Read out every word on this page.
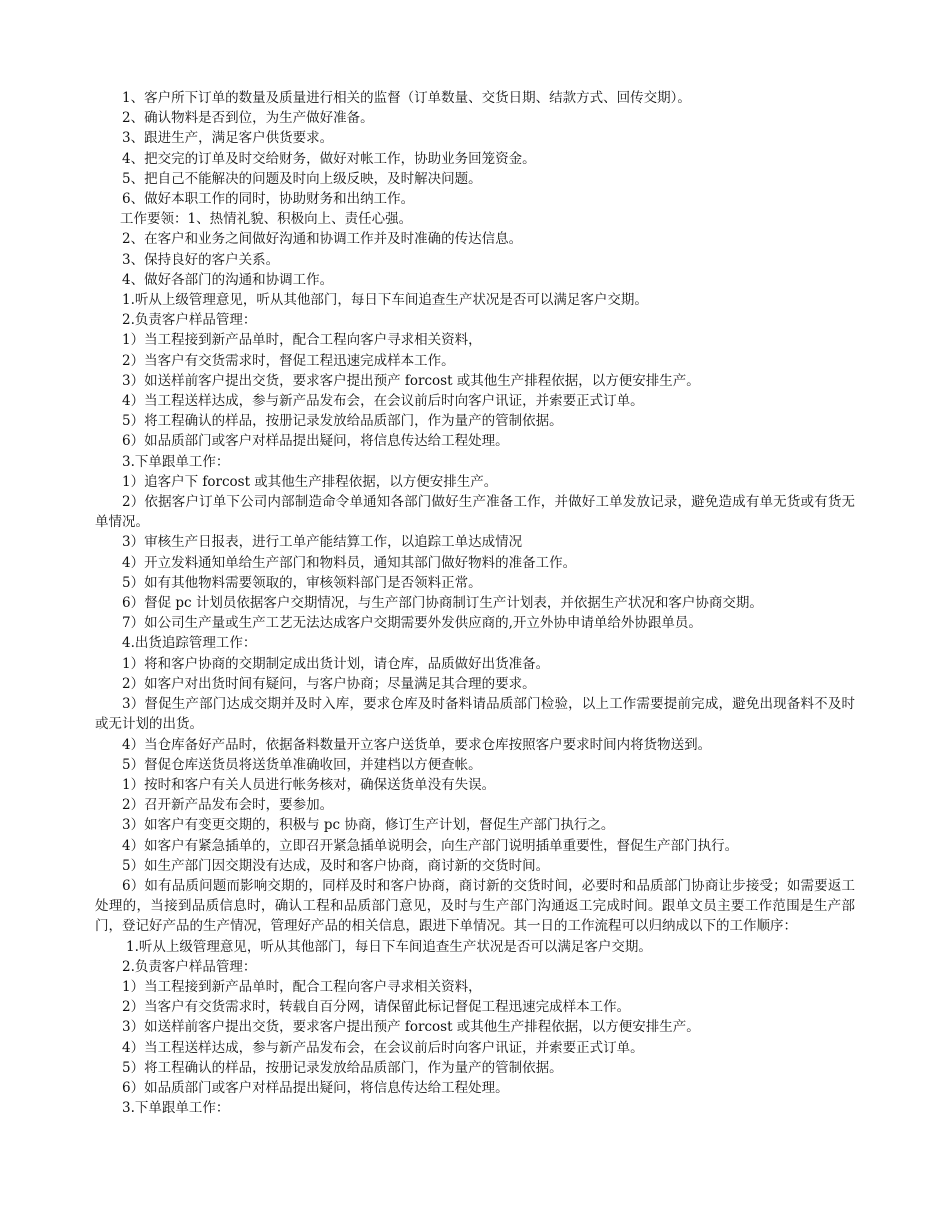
1、客户所下订单的数量及质量进行相关的监督（订单数量、交货日期、结款方式、回传交期）。

2、确认物料是否到位，为生产做好准备。

3、跟进生产，满足客户供货要求。

4、把交完的订单及时交给财务，做好对帐工作，协助业务回笼资金。

5、把自己不能解决的问题及时向上级反映，及时解决问题。

6、做好本职工作的同时，协助财务和出纳工作。

工作要领：1、热情礼貌、积极向上、责任心强。

2、在客户和业务之间做好沟通和协调工作并及时准确的传达信息。

3、保持良好的客户关系。

4、做好各部门的沟通和协调工作。

1.听从上级管理意见，听从其他部门，每日下车间追查生产状况是否可以满足客户交期。

2.负责客户样品管理：

1）当工程接到新产品单时，配合工程向客户寻求相关资料，

2）当客户有交货需求时，督促工程迅速完成样本工作。

3）如送样前客户提出交货，要求客户提出预产 forcost 或其他生产排程依据，以方便安排生产。

4）当工程送样达成，参与新产品发布会，在会议前后时向客户讯证，并索要正式订单。

5）将工程确认的样品，按册记录发放给品质部门，作为量产的管制依据。

6）如品质部门或客户对样品提出疑问，将信息传达给工程处理。

3.下单跟单工作：

1）追客户下 forcost 或其他生产排程依据，以方便安排生产。

2）依据客户订单下公司内部制造命令单通知各部门做好生产准备工作，并做好工单发放记录，避免造成有单无货或有货无单情况。

3）审核生产日报表，进行工单产能结算工作，以追踪工单达成情况

4）开立发料通知单给生产部门和物料员，通知其部门做好物料的准备工作。

5）如有其他物料需要领取的，审核领料部门是否领料正常。

6）督促 pc 计划员依据客户交期情况，与生产部门协商制订生产计划表，并依据生产状况和客户协商交期。

7）如公司生产量或生产工艺无法达成客户交期需要外发供应商的,开立外协申请单给外协跟单员。

4.出货追踪管理工作：

1）将和客户协商的交期制定成出货计划，请仓库，品质做好出货准备。

2）如客户对出货时间有疑问，与客户协商；尽量满足其合理的要求。

3）督促生产部门达成交期并及时入库，要求仓库及时备料请品质部门检验，以上工作需要提前完成，避免出现备料不及时或无计划的出货。

4）当仓库备好产品时，依据备料数量开立客户送货单，要求仓库按照客户要求时间内将货物送到。

5）督促仓库送货员将送货单准确收回，并建档以方便查帐。

1）按时和客户有关人员进行帐务核对，确保送货单没有失误。

2）召开新产品发布会时，要参加。

3）如客户有变更交期的，积极与 pc 协商，修订生产计划，督促生产部门执行之。

4）如客户有紧急插单的，立即召开紧急插单说明会，向生产部门说明插单重要性，督促生产部门执行。

5）如生产部门因交期没有达成，及时和客户协商，商讨新的交货时间。

6）如有品质问题而影响交期的，同样及时和客户协商，商讨新的交货时间，必要时和品质部门协商让步接受；如需要返工处理的，当接到品质信息时，确认工程和品质部门意见，及时与生产部门沟通返工完成时间。跟单文员主要工作范围是生产部门，登记好产品的生产情况，管理好产品的相关信息，跟进下单情况。其一日的工作流程可以归纳成以下的工作顺序：

1.听从上级管理意见，听从其他部门，每日下车间追查生产状况是否可以满足客户交期。

2.负责客户样品管理：

1）当工程接到新产品单时，配合工程向客户寻求相关资料，

2）当客户有交货需求时，转载自百分网，请保留此标记督促工程迅速完成样本工作。

3）如送样前客户提出交货，要求客户提出预产 forcost 或其他生产排程依据，以方便安排生产。

4）当工程送样达成，参与新产品发布会，在会议前后时向客户讯证，并索要正式订单。

5）将工程确认的样品，按册记录发放给品质部门，作为量产的管制依据。

6）如品质部门或客户对样品提出疑问，将信息传达给工程处理。

3.下单跟单工作：
